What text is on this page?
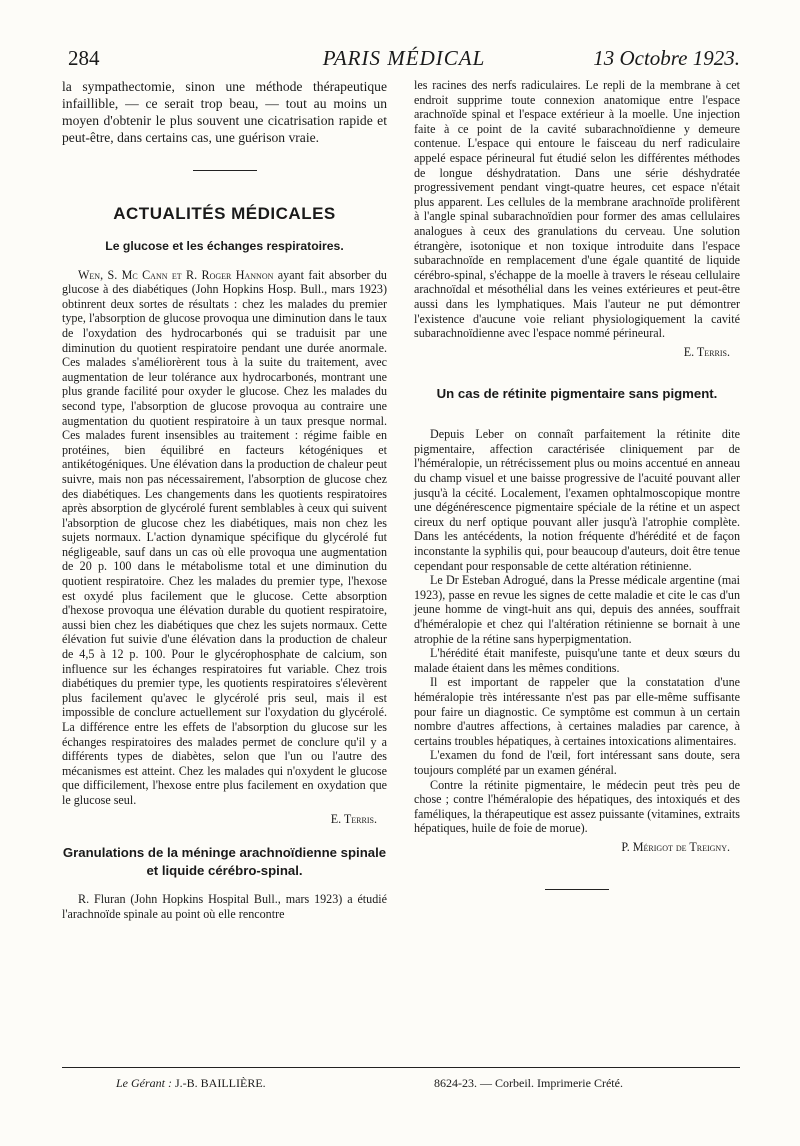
284	PARIS MÉDICAL	13 Octobre 1923.

la sympathectomie, sinon une méthode thérapeutique infaillible, — ce serait trop beau, — tout au moins un moyen d'obtenir le plus souvent une cicatrisation rapide et peut-être, dans certains cas, une guérison vraie.

ACTUALITÉS MÉDICALES
Le glucose et les échanges respiratoires.

Wen, S. Mc Cann et R. Roger Hannon ayant fait absorber du glucose à des diabétiques (John Hopkins Hosp. Bull., mars 1923) obtinrent deux sortes de résultats : chez les malades du premier type, l'absorption de glucose provoqua une diminution dans le taux de l'oxydation des hydrocarbonés qui se traduisit par une diminution du quotient respiratoire pendant une durée anormale. Ces malades s'améliorèrent tous à la suite du traitement, avec augmentation de leur tolérance aux hydrocarbonés, montrant une plus grande facilité pour oxyder le glucose. Chez les malades du second type, l'absorption de glucose provoqua au contraire une augmentation du quotient respiratoire à un taux presque normal. Ces malades furent insensibles au traitement : régime faible en protéines, bien équilibré en facteurs kétogéniques et antikétogéniques. Une élévation dans la production de chaleur peut suivre, mais non pas nécessairement, l'absorption de glucose chez des diabétiques. Les changements dans les quotients respiratoires après absorption de glycérolé furent semblables à ceux qui suivent l'absorption de glucose chez les diabétiques, mais non chez les sujets normaux. L'action dynamique spécifique du glycérolé fut négligeable, sauf dans un cas où elle provoqua une augmentation de 20 p. 100 dans le métabolisme total et une diminution du quotient respiratoire. Chez les malades du premier type, l'hexose est oxydé plus facilement que le glucose. Cette absorption d'hexose provoqua une élévation durable du quotient respiratoire, aussi bien chez les diabétiques que chez les sujets normaux. Cette élévation fut suivie d'une élévation dans la production de chaleur de 4,5 à 12 p. 100. Pour le glycérophosphate de calcium, son influence sur les échanges respiratoires fut variable. Chez trois diabétiques du premier type, les quotients respiratoires s'élevèrent plus facilement qu'avec le glycérolé pris seul, mais il est impossible de conclure actuellement sur l'oxydation du glycérolé. La différence entre les effets de l'absorption du glucose sur les échanges respiratoires des malades permet de conclure qu'il y a différents types de diabètes, selon que l'un ou l'autre des mécanismes est atteint. Chez les malades qui n'oxydent le glucose que difficilement, l'hexose entre plus facilement en oxydation que le glucose seul.

E. Terris.
Granulations de la méninge arachnoïdienne spinale et liquide cérébro-spinal.

R. Fluran (John Hopkins Hospital Bull., mars 1923) a étudié l'arachnoïde spinale au point où elle rencontre

les racines des nerfs radiculaires. Le repli de la membrane à cet endroit supprime toute connexion anatomique entre l'espace arachnoïde spinal et l'espace extérieur à la moelle. Une injection faite à ce point de la cavité subarachnoïdienne y demeure contenue. L'espace qui entoure le faisceau du nerf radiculaire appelé espace périneural fut étudié selon les différentes méthodes de longue déshydratation. Dans une série déshydratée progressivement pendant vingt-quatre heures, cet espace n'était plus apparent. Les cellules de la membrane arachnoïde prolifèrent à l'angle spinal subarachnoïdien pour former des amas cellulaires analogues à ceux des granulations du cerveau. Une solution étrangère, isotonique et non toxique introduite dans l'espace subarachnoïde en remplacement d'une égale quantité de liquide cérébro-spinal, s'échappe de la moelle à travers le réseau cellulaire arachnoïdal et mésothélial dans les veines extérieures et peut-être aussi dans les lymphatiques. Mais l'auteur ne put démontrer l'existence d'aucune voie reliant physiologiquement la cavité subarachnoïdienne avec l'espace nommé périneural.

E. Terris.
Un cas de rétinite pigmentaire sans pigment.

Depuis Leber on connaît parfaitement la rétinite dite pigmentaire, affection caractérisée cliniquement par de l'héméralopie, un rétrécissement plus ou moins accentué en anneau du champ visuel et une baisse progressive de l'acuité pouvant aller jusqu'à la cécité. Localement, l'examen ophtalmoscopique montre une dégénérescence pigmentaire spéciale de la rétine et un aspect cireux du nerf optique pouvant aller jusqu'à l'atrophie complète. Dans les antécédents, la notion fréquente d'hérédité et de façon inconstante la syphilis qui, pour beaucoup d'auteurs, doit être tenue cependant pour responsable de cette altération rétinienne.

Le Dr Esteban Adrogué, dans la Presse médicale argentine (mai 1923), passe en revue les signes de cette maladie et cite le cas d'un jeune homme de vingt-huit ans qui, depuis des années, souffrait d'héméralopie et chez qui l'altération rétinienne se bornait à une atrophie de la rétine sans hyperpigmentation.

L'hérédité était manifeste, puisqu'une tante et deux sœurs du malade étaient dans les mêmes conditions.

Il est important de rappeler que la constatation d'une héméralopie très intéressante n'est pas par elle-même suffisante pour faire un diagnostic. Ce symptôme est commun à un certain nombre d'autres affections, à certaines maladies par carence, à certains troubles hépatiques, à certaines intoxications alimentaires.

L'examen du fond de l'œil, fort intéressant sans doute, sera toujours complété par un examen général.

Contre la rétinite pigmentaire, le médecin peut très peu de chose ; contre l'héméralopie des hépatiques, des intoxiqués et des faméliques, la thérapeutique est assez puissante (vitamines, extraits hépatiques, huile de foie de morue).

P. Mérigot de Treigny.
Le Gérant : J.-B. BAILLIÈRE.	8624-23. — Corbeil. Imprimerie Crété.
